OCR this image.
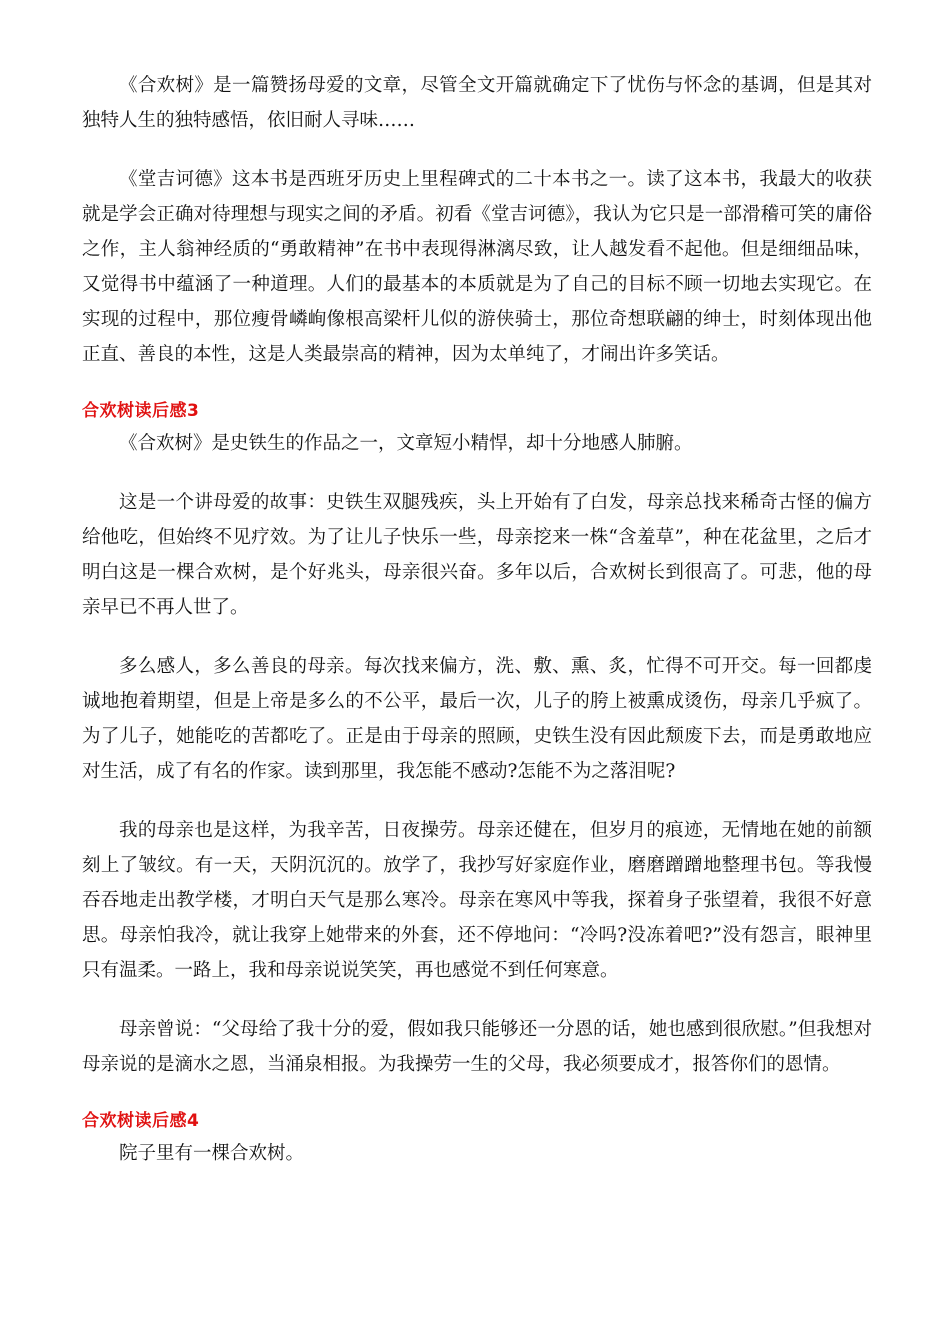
《合欢树》是一篇赞扬母爱的文章，尽管全文开篇就确定下了忧伤与怀念的基调，但是其对独特人生的独特感悟，依旧耐人寻味……

《堂吉诃德》这本书是西班牙历史上里程碑式的二十本书之一。读了这本书，我最大的收获就是学会正确对待理想与现实之间的矛盾。初看《堂吉诃德》，我认为它只是一部滑稽可笑的庸俗之作，主人翁神经质的“勇敢精神”在书中表现得淋漓尽致，让人越发看不起他。但是细细品味，又觉得书中蕴涵了一种道理。人们的最基本的本质就是为了自己的目标不顾一切地去实现它。在实现的过程中，那位瘦骨嶙峋像根高梁杆儿似的游侠骑士，那位奇想联翩的绅士，时刻体现出他正直、善良的本性，这是人类最崇高的精神，因为太单纯了，才闹出许多笑话。

合欢树读后感3

《合欢树》是史铁生的作品之一，文章短小精悍，却十分地感人肺腑。

这是一个讲母爱的故事：史铁生双腿残疾，头上开始有了白发，母亲总找来稀奇古怪的偏方给他吃，但始终不见疗效。为了让儿子快乐一些，母亲挖来一株“含羞草”，种在花盆里，之后才明白这是一棵合欢树，是个好兆头，母亲很兴奋。多年以后，合欢树长到很高了。可悲，他的母亲早已不再人世了。

多么感人，多么善良的母亲。每次找来偏方，洗、敷、熏、炙，忙得不可开交。每一回都虔诚地抱着期望，但是上帝是多么的不公平，最后一次，儿子的胯上被熏成烫伤，母亲几乎疯了。为了儿子，她能吃的苦都吃了。正是由于母亲的照顾，史铁生没有因此颓废下去，而是勇敢地应对生活，成了有名的作家。读到那里，我怎能不感动?怎能不为之落泪呢?

我的母亲也是这样，为我辛苦，日夜操劳。母亲还健在，但岁月的痕迹，无情地在她的前额刻上了皱纹。有一天，天阴沉沉的。放学了，我抄写好家庭作业，磨磨蹭蹭地整理书包。等我慢吞吞地走出教学楼，才明白天气是那么寒冷。母亲在寒风中等我，探着身子张望着，我很不好意思。母亲怕我冷，就让我穿上她带来的外套，还不停地问：“冷吗?没冻着吧?”没有怨言，眼神里只有温柔。一路上，我和母亲说说笑笑，再也感觉不到任何寒意。

母亲曾说：“父母给了我十分的爱，假如我只能够还一分恩的话，她也感到很欣慰。”但我想对母亲说的是滴水之恩，当涌泉相报。为我操劳一生的父母，我必须要成才，报答你们的恩情。

合欢树读后感4

院子里有一棵合欢树。
